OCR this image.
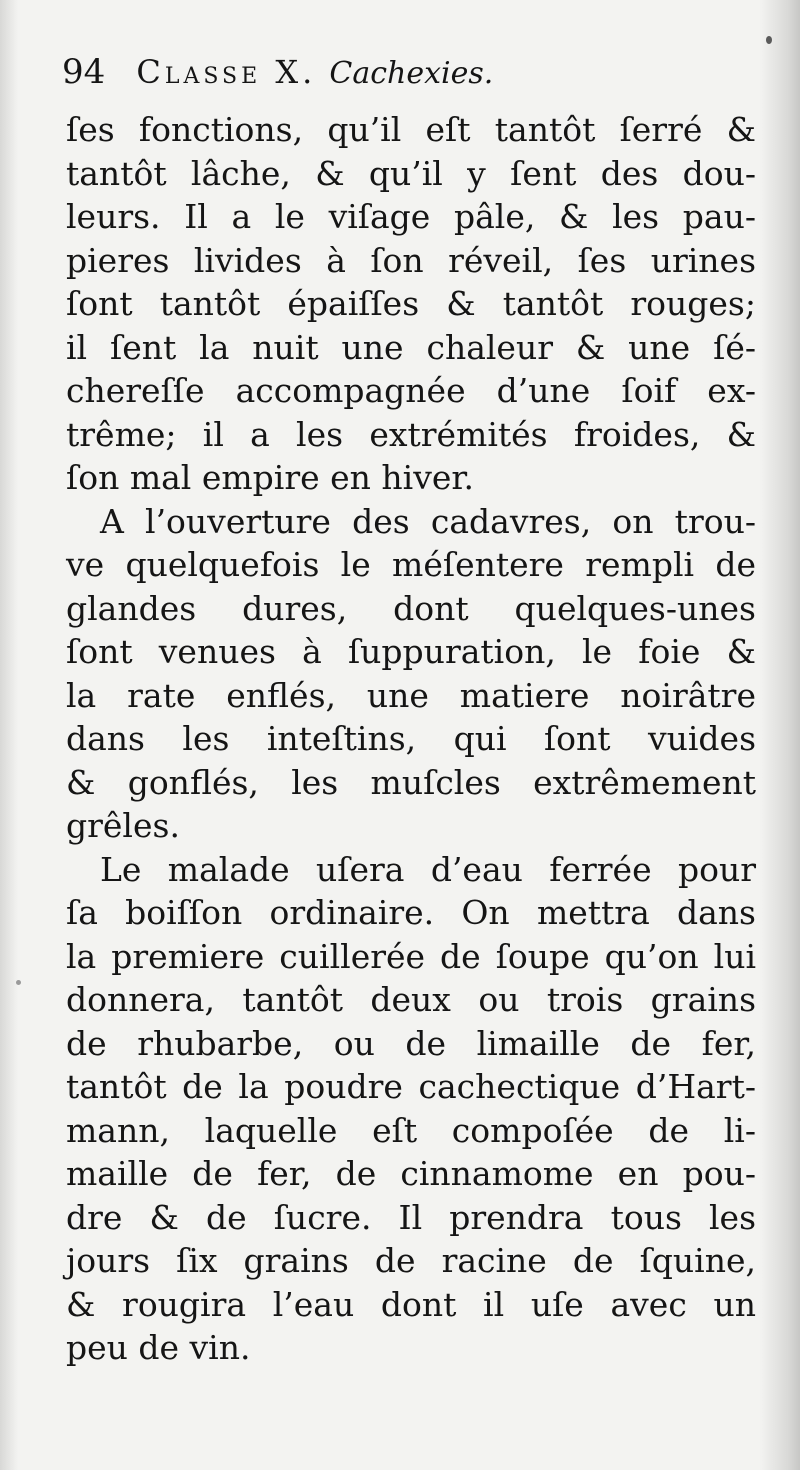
94 Classe X. Cachexies.
ſes fonctions, qu’il eſt tantôt ſerré &
tantôt lâche, & qu’il y ſent des dou-
leurs. Il a le viſage pâle, & les pau-
pieres livides à ſon réveil, ſes urines
ſont tantôt épaiſſes & tantôt rouges;
il ſent la nuit une chaleur & une ſé-
chereſſe accompagnée d’une ſoif ex-
trême; il a les extrémités froides, &
ſon mal empire en hiver.
A l’ouverture des cadavres, on trou-
ve quelquefois le méſentere rempli de
glandes dures, dont quelques-unes
ſont venues à ſuppuration, le foie &
la rate enflés, une matiere noirâtre
dans les inteſtins, qui ſont vuides
& gonflés, les muſcles extrêmement
grêles.
Le malade uſera d’eau ferrée pour
ſa boiſſon ordinaire. On mettra dans
la premiere cuillerée de ſoupe qu’on lui
donnera, tantôt deux ou trois grains
de rhubarbe, ou de limaille de fer,
tantôt de la poudre cachectique d’Hart-
mann, laquelle eſt compoſée de li-
maille de fer, de cinnamome en pou-
dre & de ſucre. Il prendra tous les
jours ſix grains de racine de ſquine,
& rougira l’eau dont il uſe avec un
peu de vin.
